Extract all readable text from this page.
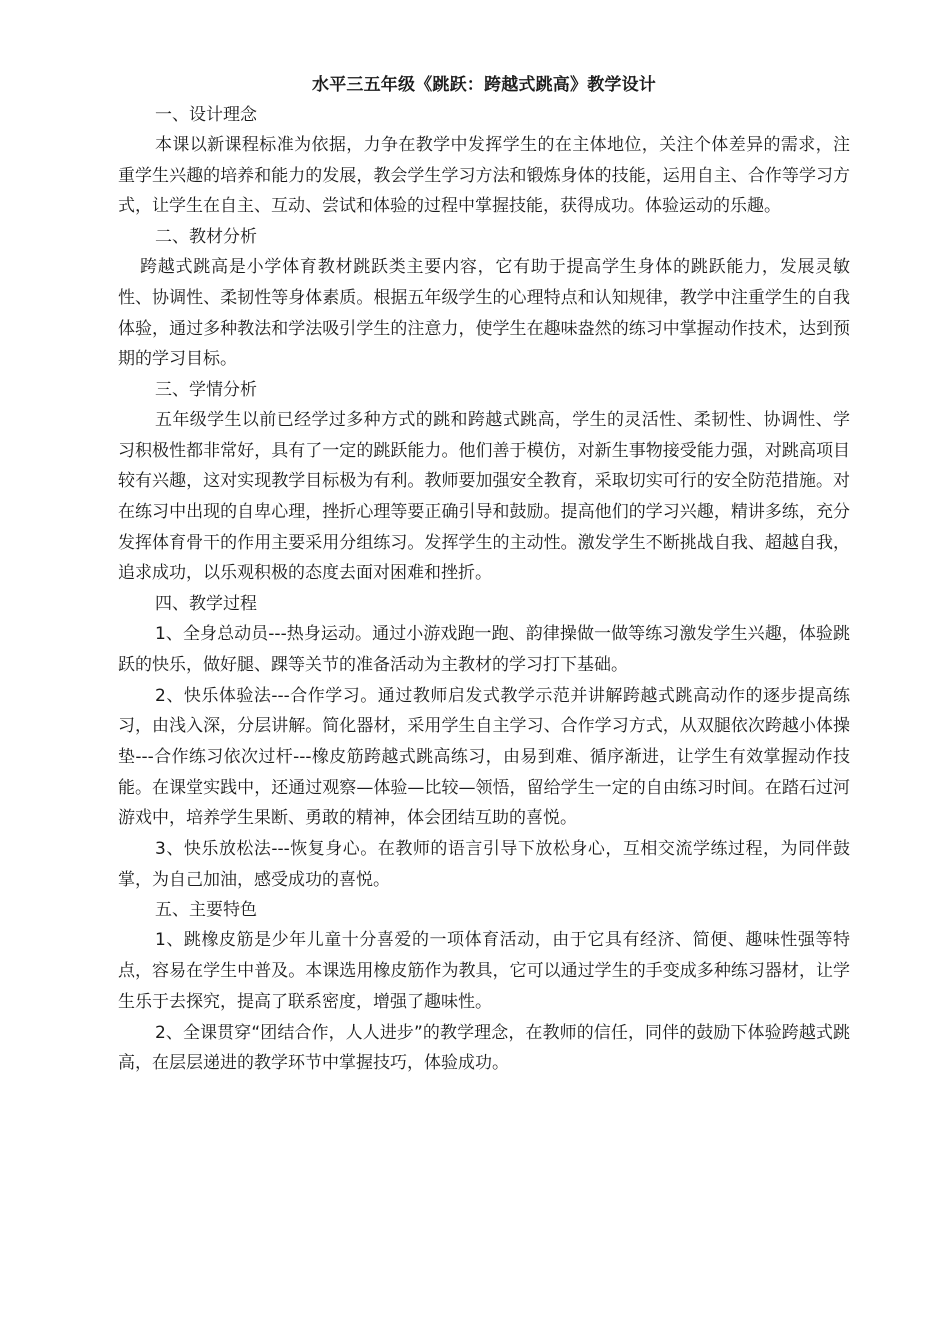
水平三五年级《跳跃：跨越式跳高》教学设计

一、设计理念

本课以新课程标准为依据，力争在教学中发挥学生的在主体地位，关注个体差异的需求，注重学生兴趣的培养和能力的发展，教会学生学习方法和锻炼身体的技能，运用自主、合作等学习方式，让学生在自主、互动、尝试和体验的过程中掌握技能，获得成功。体验运动的乐趣。

二、教材分析

跨越式跳高是小学体育教材跳跃类主要内容，它有助于提高学生身体的跳跃能力，发展灵敏性、协调性、柔韧性等身体素质。根据五年级学生的心理特点和认知规律，教学中注重学生的自我体验，通过多种教法和学法吸引学生的注意力，使学生在趣味盎然的练习中掌握动作技术，达到预期的学习目标。

三、学情分析

五年级学生以前已经学过多种方式的跳和跨越式跳高，学生的灵活性、柔韧性、协调性、学习积极性都非常好，具有了一定的跳跃能力。他们善于模仿，对新生事物接受能力强，对跳高项目较有兴趣，这对实现教学目标极为有利。教师要加强安全教育，采取切实可行的安全防范措施。对在练习中出现的自卑心理，挫折心理等要正确引导和鼓励。提高他们的学习兴趣，精讲多练，充分发挥体育骨干的作用主要采用分组练习。发挥学生的主动性。激发学生不断挑战自我、超越自我，追求成功，以乐观积极的态度去面对困难和挫折。

四、教学过程

1、全身总动员---热身运动。通过小游戏跑一跑、韵律操做一做等练习激发学生兴趣，体验跳跃的快乐，做好腿、踝等关节的准备活动为主教材的学习打下基础。

2、快乐体验法---合作学习。通过教师启发式教学示范并讲解跨越式跳高动作的逐步提高练习，由浅入深，分层讲解。简化器材，采用学生自主学习、合作学习方式，从双腿依次跨越小体操垫---合作练习依次过杆---橡皮筋跨越式跳高练习，由易到难、循序渐进，让学生有效掌握动作技能。在课堂实践中，还通过观察—体验—比较—领悟，留给学生一定的自由练习时间。在踏石过河游戏中，培养学生果断、勇敢的精神，体会团结互助的喜悦。

3、快乐放松法---恢复身心。在教师的语言引导下放松身心，互相交流学练过程，为同伴鼓掌，为自己加油，感受成功的喜悦。

五、主要特色

1、跳橡皮筋是少年儿童十分喜爱的一项体育活动，由于它具有经济、简便、趣味性强等特点，容易在学生中普及。本课选用橡皮筋作为教具，它可以通过学生的手变成多种练习器材，让学生乐于去探究，提高了联系密度，增强了趣味性。

2、全课贯穿“团结合作，人人进步”的教学理念，在教师的信任，同伴的鼓励下体验跨越式跳高，在层层递进的教学环节中掌握技巧，体验成功。
